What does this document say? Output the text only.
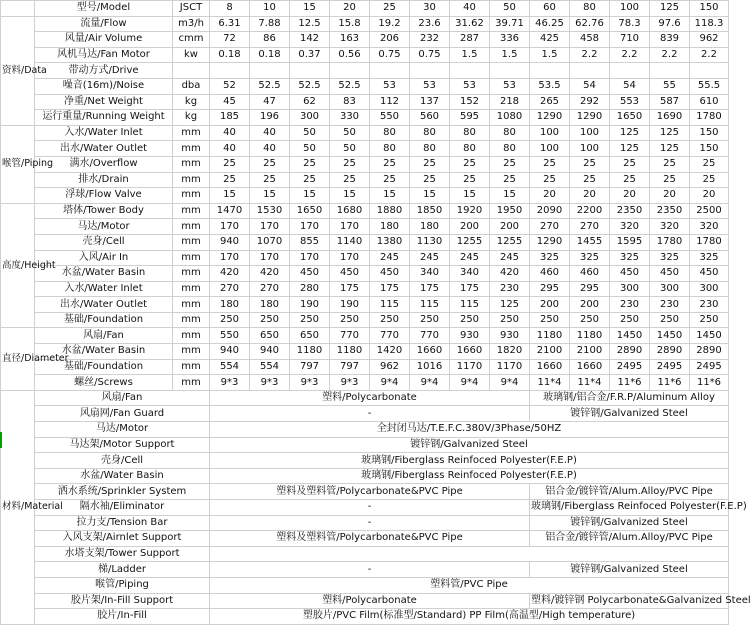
	型号/Model	JSCT	8	10	15	20	25	30	40	50	60	80	100	125	150
资料/Data	流量/Flow	m3/h	6.31	7.88	12.5	15.8	19.2	23.6	31.62	39.71	46.25	62.76	78.3	97.6	118.3
	风量/Air Volume	cmm	72	86	142	163	206	232	287	336	425	458	710	839	962
	风机马达/Fan Motor	kw	0.18	0.18	0.37	0.56	0.75	0.75	1.5	1.5	1.5	2.2	2.2	2.2	2.2
	带动方式/Drive														
	噪音(16m)/Noise	dba	52	52.5	52.5	52.5	53	53	53	53	53.5	54	54	55	55.5
	净重/Net Weight	kg	45	47	62	83	112	137	152	218	265	292	553	587	610
	运行重量/Running Weight	kg	185	196	300	330	550	560	595	1080	1290	1290	1650	1690	1780
喉管/Piping	入水/Water Inlet	mm	40	40	50	50	80	80	80	80	100	100	125	125	150
	出水/Water Outlet	mm	40	40	50	50	80	80	80	80	100	100	125	125	150
	满水/Overflow	mm	25	25	25	25	25	25	25	25	25	25	25	25	25
	排水/Drain	mm	25	25	25	25	25	25	25	25	25	25	25	25	25
	浮球/Flow Valve	mm	15	15	15	15	15	15	15	15	20	20	20	20	20
高度/Height	塔体/Tower Body	mm	1470	1530	1650	1680	1880	1850	1920	1950	2090	2200	2350	2350	2500
	马达/Motor	mm	170	170	170	170	180	180	200	200	270	270	320	320	320
	壳身/Cell	mm	940	1070	855	1140	1380	1130	1255	1255	1290	1455	1595	1780	1780
	入风/Air In	mm	170	170	170	170	245	245	245	245	325	325	325	325	325
	水盆/Water Basin	mm	420	420	450	450	450	340	340	420	460	460	450	450	450
	入水/Water Inlet	mm	270	270	280	175	175	175	175	230	295	295	300	300	300
	出水/Water Outlet	mm	180	180	190	190	115	115	115	125	200	200	230	230	230
	基础/Foundation	mm	250	250	250	250	250	250	250	250	250	250	250	250	250
直径/Diameter	风扇/Fan	mm	550	650	650	770	770	770	930	930	1180	1180	1450	1450	1450
	水盆/Water Basin	mm	940	940	1180	1180	1420	1660	1660	1820	2100	2100	2890	2890	2890
	基础/Foundation	mm	554	554	797	797	962	1016	1170	1170	1660	1660	2495	2495	2495
	螺丝/Screws	mm	9*3	9*3	9*3	9*3	9*4	9*4	9*4	9*4	11*4	11*4	11*6	11*6	11*6
材料/Material	风扇/Fan		塑料/Polycarbonate								玻璃钢/铝合金/F.R.P/Aluminum Alloy				
	风扇网/Fan Guard		-								镀锌钢/Galvanized Steel				
	马达/Motor		全封闭马达/T.E.F.C.380V/3Phase/50HZ												
	马达架/Motor Support		镀锌钢/Galvanized Steel												
	壳身/Cell		玻璃钢/Fiberglass Reinfoced Polyester(F.E.P)												
	水盆/Water Basin		玻璃钢/Fiberglass Reinfoced Polyester(F.E.P)												
	洒水系统/Sprinkler System		塑料及塑料管/Polycarbonate&PVC Pipe								铝合金/镀锌管/Alum.Alloy/PVC Pipe				
	隔水袖/Eliminator		-								玻璃钢/Fiberglass Reinfoced Polyester(F.E.P)				
	拉力支/Tension Bar		-								镀锌钢/Galvanized Steel				
	入风支架/Airnlet Support		塑料及塑料管/Polycarbonate&PVC Pipe								铝合金/镀锌管/Alum.Alloy/PVC Pipe				
	水塔支架/Tower Support														
	梯/Ladder		-								镀锌钢/Galvanized Steel				
	喉管/Piping		塑料管/PVC Pipe												
	胶片架/In-Fill Support		塑料/Polycarbonate								塑料/镀锌钢 Polycarbonate&Galvanized Steel				
	胶片/In-Fill		塑胶片/PVC Film(标准型/Standard) PP Film(高温型/High temperature)												
